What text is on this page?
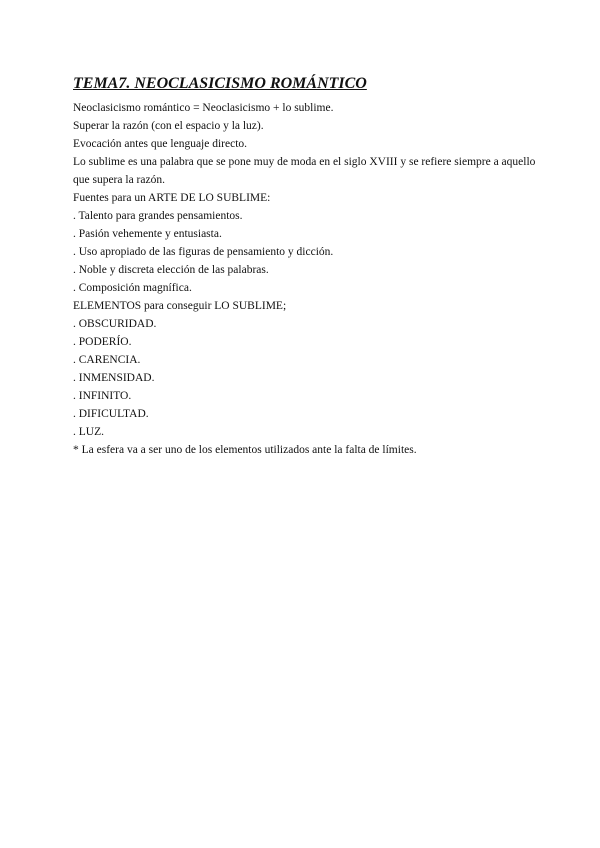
TEMA7. NEOCLASICISMO ROMÁNTICO

Neoclasicismo romántico = Neoclasicismo + lo sublime.

Superar la razón (con el espacio y la luz).

Evocación antes que lenguaje directo.

Lo sublime es una palabra que se pone muy de moda en el siglo XVIII y se refiere siempre a aquello

que supera la razón.

Fuentes para un ARTE DE LO SUBLIME:

. Talento para grandes pensamientos.

. Pasión vehemente y entusiasta.

. Uso apropiado de las figuras de pensamiento y dicción.

. Noble y discreta elección de las palabras.

. Composición magnífica.

ELEMENTOS para conseguir LO SUBLIME;

. OBSCURIDAD.

. PODERÍO.

. CARENCIA.

. INMENSIDAD.

. INFINITO.

. DIFICULTAD.

. LUZ.

* La esfera va a ser uno de los elementos utilizados ante la falta de límites.
